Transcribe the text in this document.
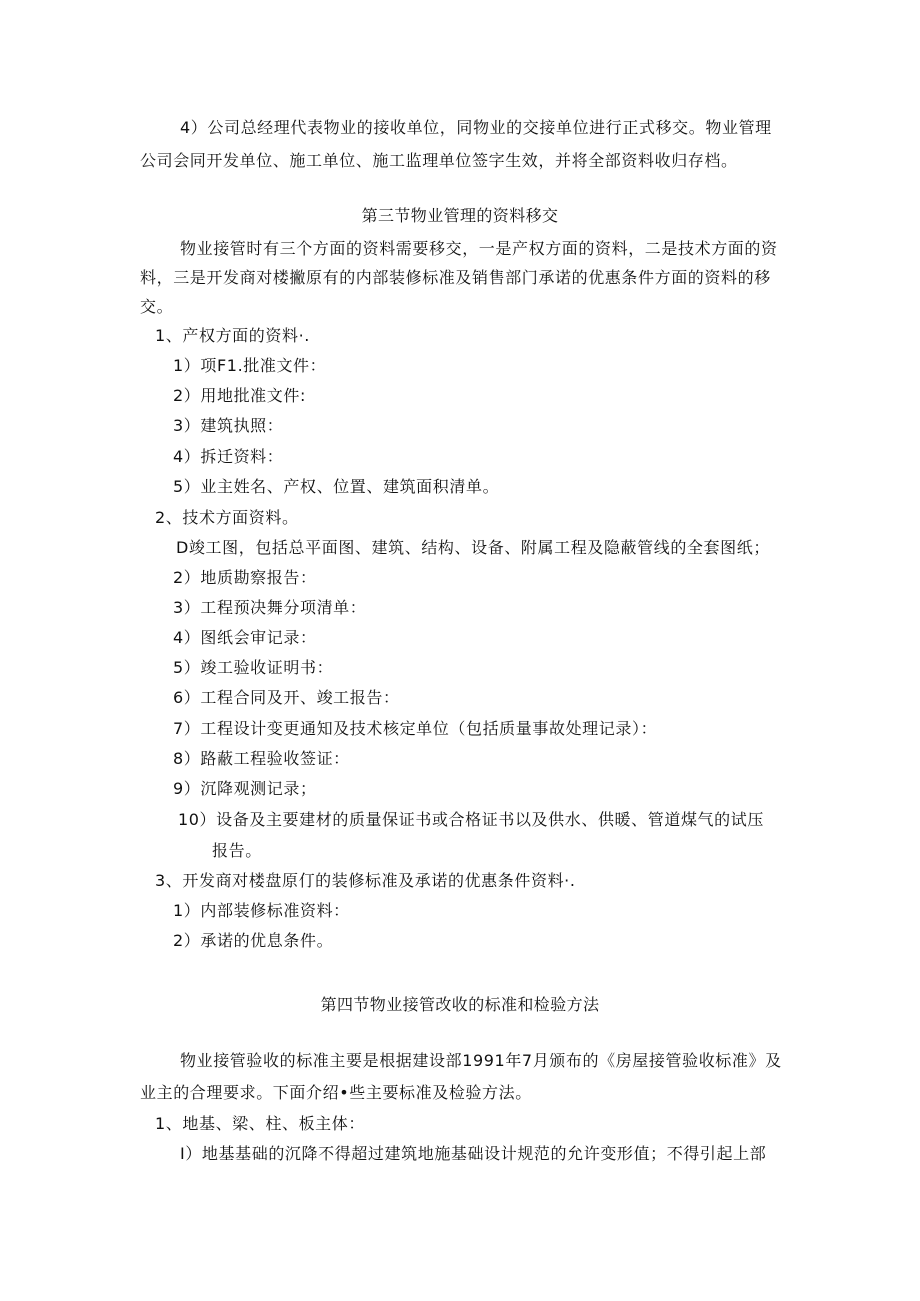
4）公司总经理代表物业的接收单位，同物业的交接单位进行正式移交。物业管理
公司会同开发单位、施工单位、施工监理单位签字生效，并将全部资料收归存档。
第三节物业管理的资料移交
物业接管时有三个方面的资料需要移交，一是产权方面的资料，二是技术方面的资
料，三是开发商对楼撇原有的内部装修标准及销售部门承诺的优惠条件方面的资料的移
交。
1、产权方面的资料·.
1）项F1.批准文件：
2）用地批准文件:
3）建筑执照：
4）拆迁资料：
5）业主姓名、产权、位置、建筑面积清单。
2、技术方面资料。
D竣工图，包括总平面图、建筑、结构、设备、附属工程及隐蔽管线的全套图纸；
2）地质勘察报告：
3）工程预决舞分项清单：
4）图纸会审记录：
5）竣工验收证明书：
6）工程合同及开、竣工报告：
7）工程设计变更通知及技术核定单位（包括质量事故处理记录）：
8）路蔽工程验收签证：
9）沉降观测记录；
10）设备及主要建材的质量保证书或合格证书以及供水、供暖、管道煤气的试压
报告。
3、开发商对楼盘原仃的装修标准及承诺的优惠条件资料·.
1）内部装修标准资料：
2）承诺的优息条件。
第四节物业接管改收的标准和检验方法
物业接管验收的标准主要是根据建设部1991年7月颁布的《房屋接管验收标准》及
业主的合理要求。下面介绍•些主要标准及检验方法。
1、地基、梁、柱、板主体：
I）地基基础的沉降不得超过建筑地施基础设计规范的允许变形值；不得引起上部
